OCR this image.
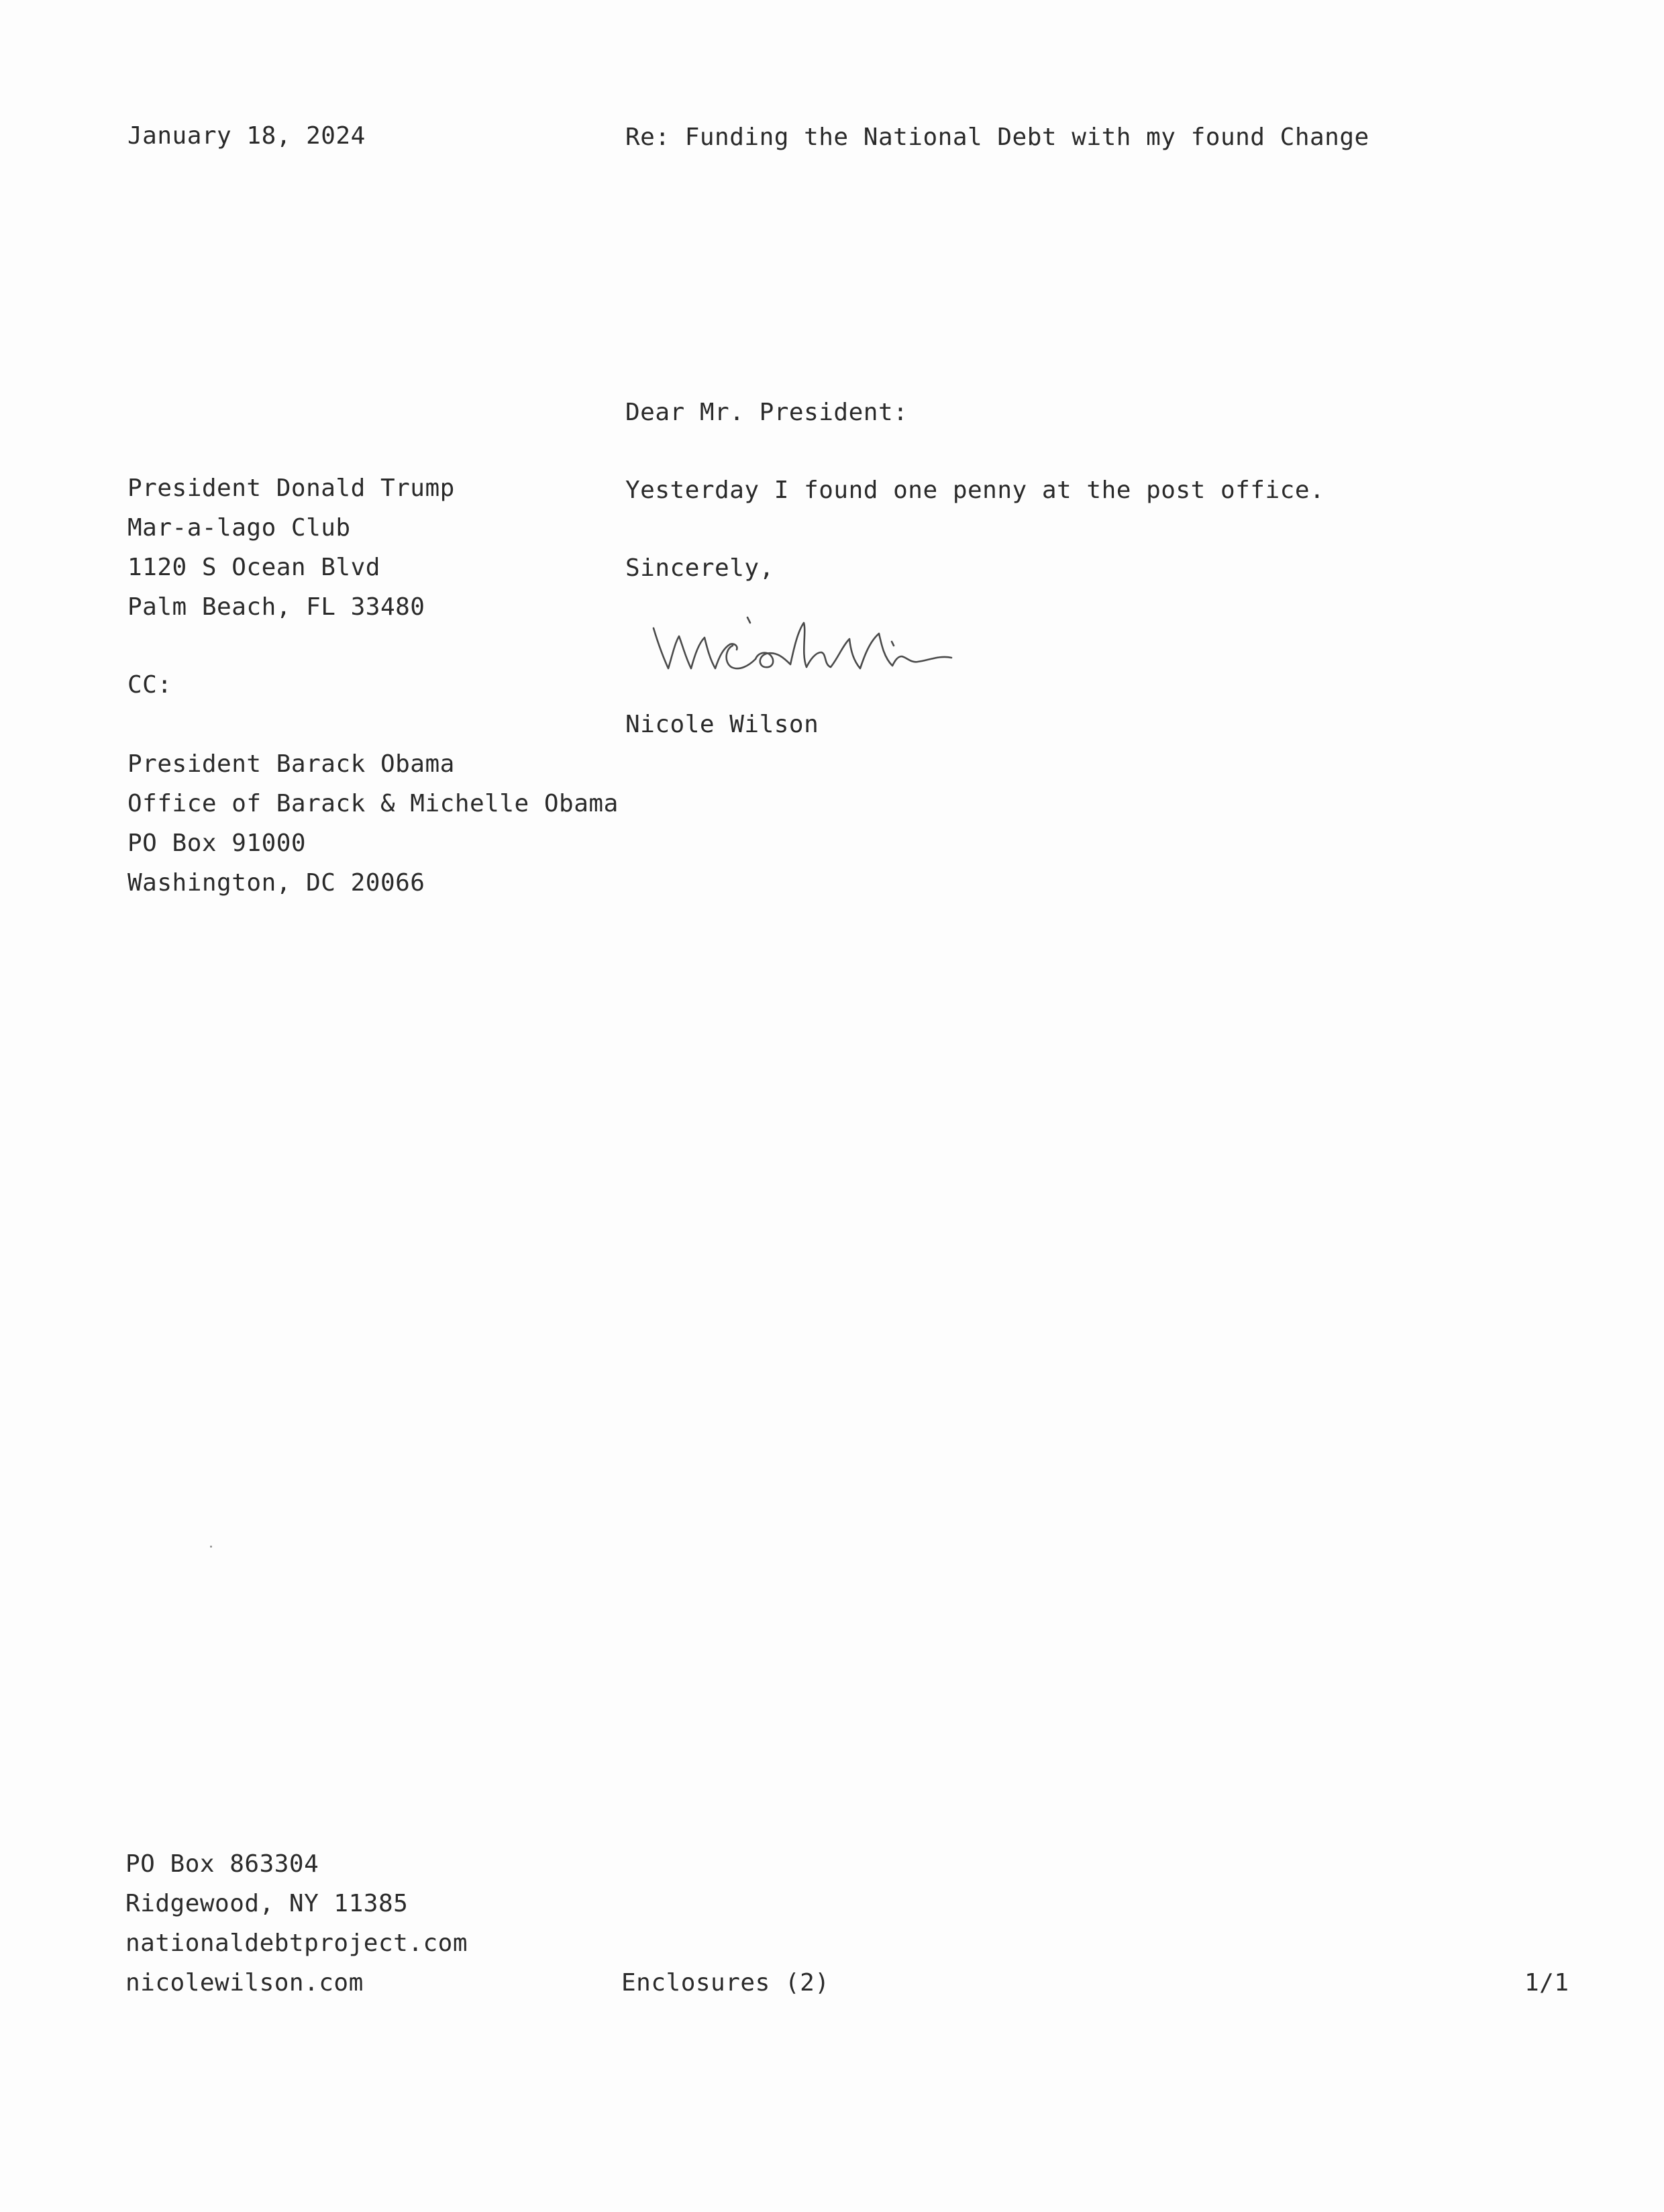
January 18, 2024	Re: Funding the National Debt with my found Change
Dear Mr. President:
President Donald Trump
Mar-a-lago Club
1120 S Ocean Blvd
Palm Beach, FL 33480
Yesterday I found one penny at the post office.
Sincerely,
CC:
Nicole Wilson
President Barack Obama
Office of Barack & Michelle Obama
PO Box 91000
Washington, DC 20066
PO Box 863304
Ridgewood, NY 11385
nationaldebtproject.com
nicolewilson.com	Enclosures (2)	1/1
